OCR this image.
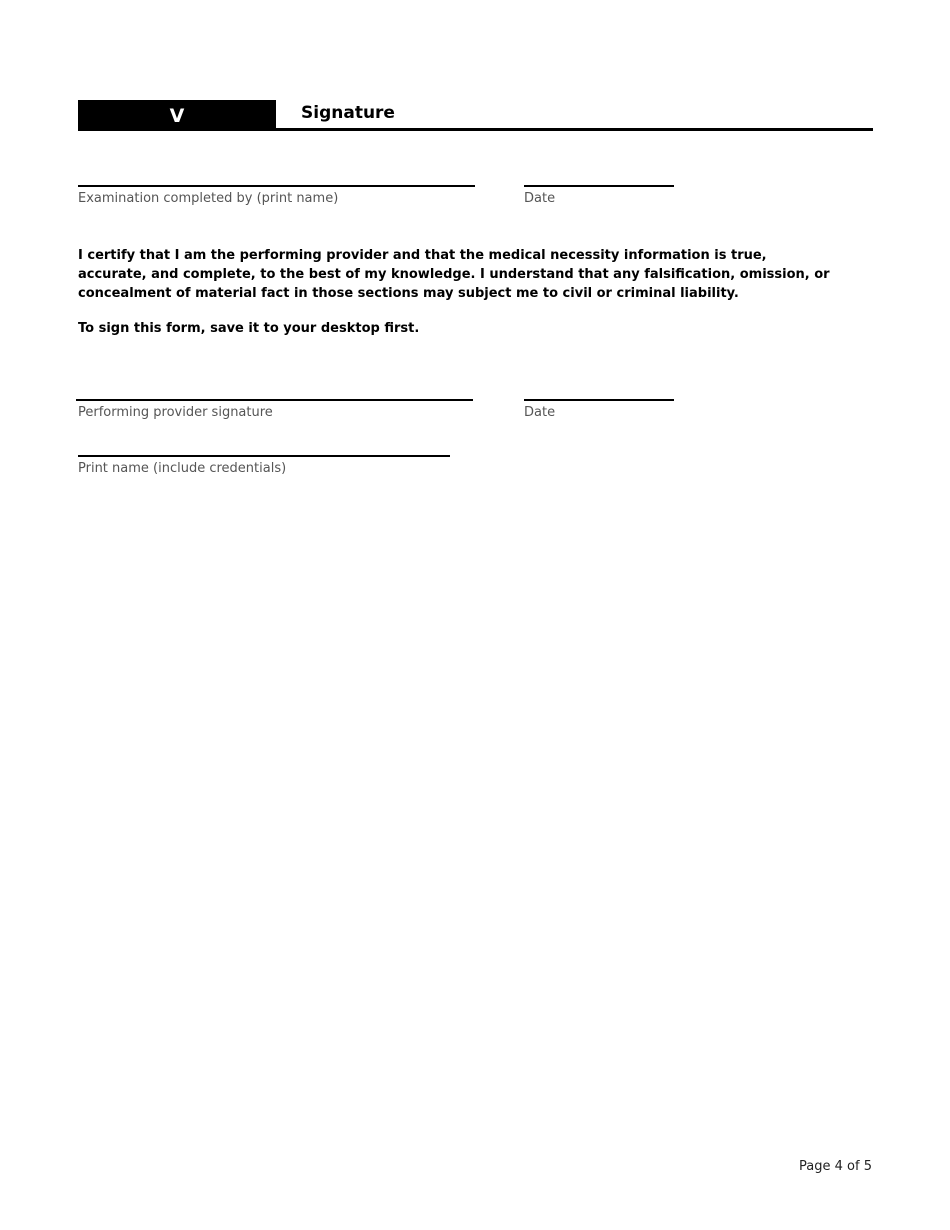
V	Signature
Examination completed by (print name)	Date
I certify that I am the performing provider and that the medical necessity information is true, accurate, and complete, to the best of my knowledge. I understand that any falsification, omission, or concealment of material fact in those sections may subject me to civil or criminal liability.
To sign this form, save it to your desktop first.
Performing provider signature	Date
Print name (include credentials)
Page 4 of 5
